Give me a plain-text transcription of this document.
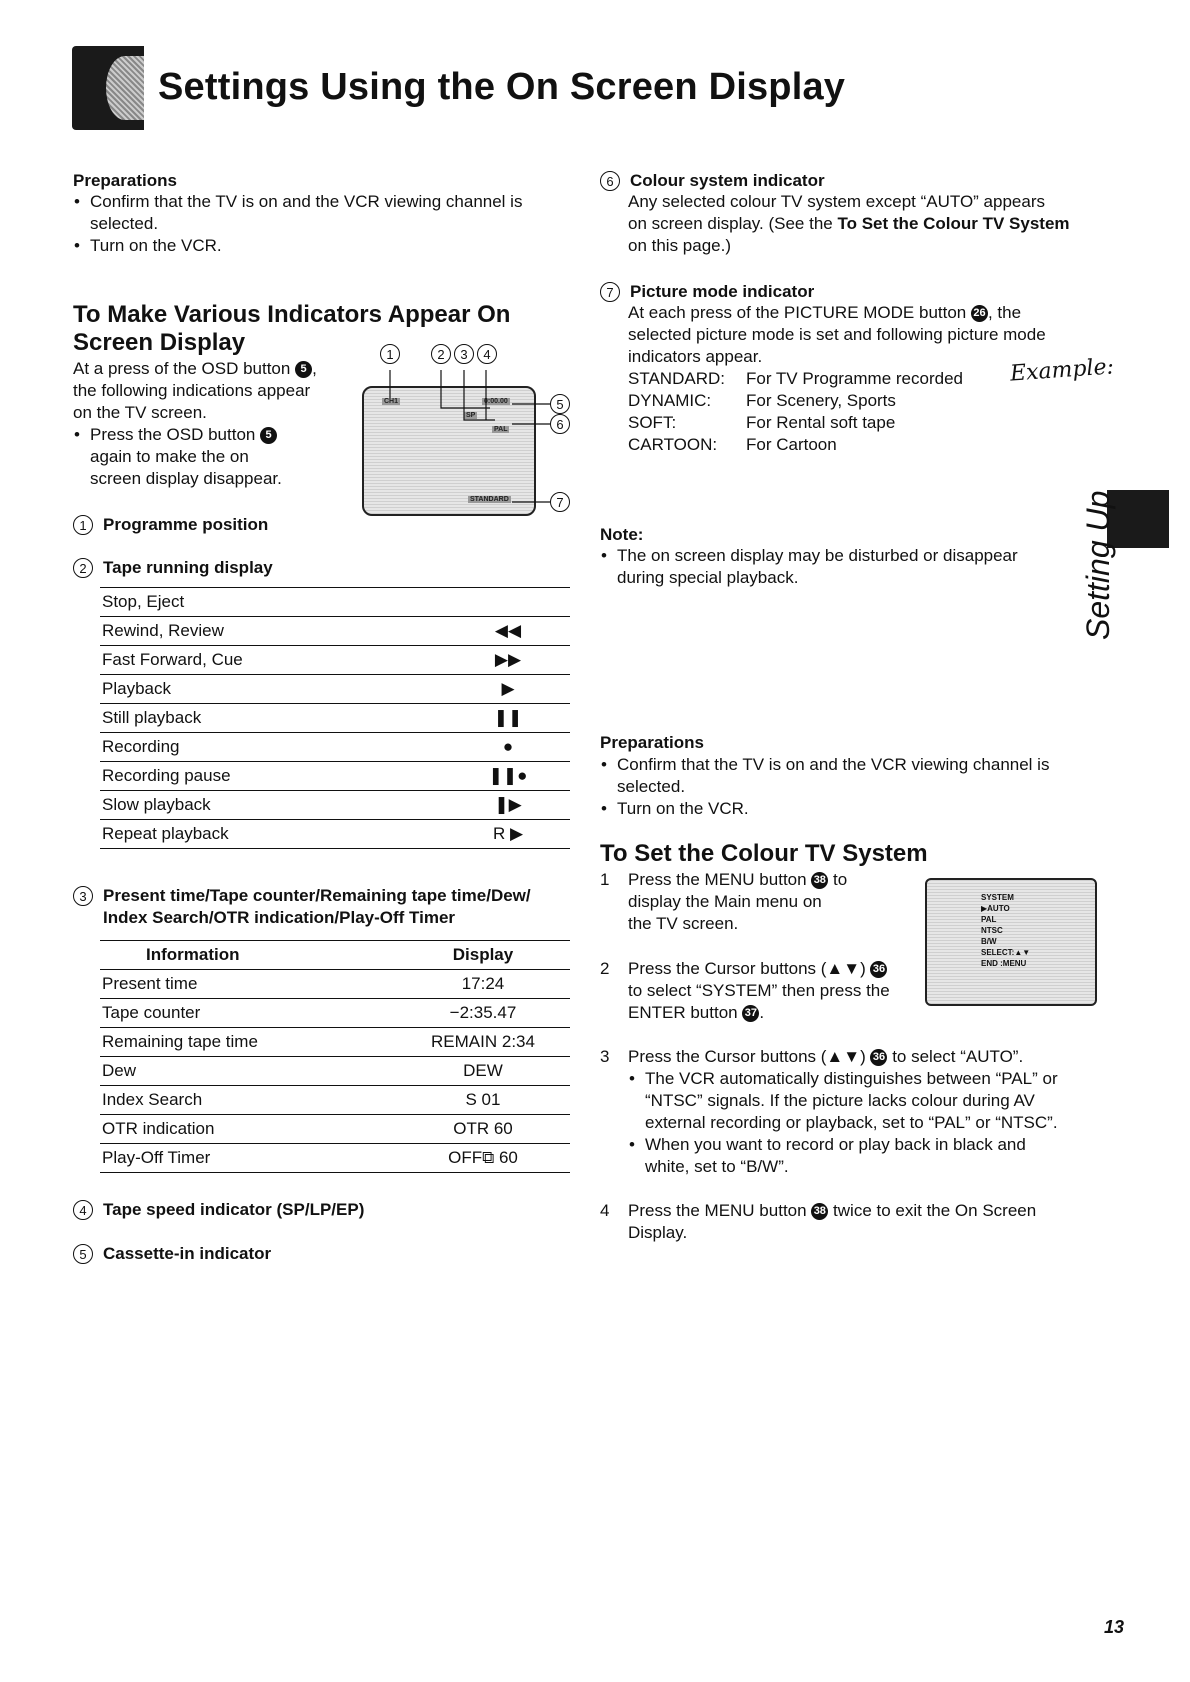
Settings Using the On Screen Display
Preparations
• Confirm that the TV is on and the VCR viewing channel is
selected.
• Turn on the VCR.
To Make Various Indicators Appear On
Screen Display
At a press of the OSD button 5 ,
the following indications appear
on the TV screen.
• Press the OSD button 5
again to make the on
screen display disappear.
CH1	0:00.00
SP
PAL
STANDARD
1	2	3	4
5
6
7
1 Programme position
2 Tape running display
Stop, Eject	
Rewind, Review	◀◀
Fast Forward, Cue	▶▶
Playback	▶
Still playback	❚❚
Recording	●
Recording pause	❚❚●
Slow playback	❚▶
Repeat playback	R ▶
3 Present time/Tape counter/Remaining tape time/Dew/
Index Search/OTR indication/Play-Off Timer
Information	Display
Present time	17:24
Tape counter	−2:35.47
Remaining tape time	REMAIN 2:34
Dew	DEW
Index Search	S 01
OTR indication	OTR 60
Play-Off Timer	OFF⧉ 60
4 Tape speed indicator (SP/LP/EP)
5 Cassette-in indicator
6 Colour system indicator
Any selected colour TV system except “AUTO” appears
on screen display. (See the To Set the Colour TV System
on this page.)
7 Picture mode indicator
At each press of the PICTURE MODE button 26 , the
selected picture mode is set and following picture mode
indicators appear.
STANDARD:	For TV Programme recorded
DYNAMIC:	For Scenery, Sports
SOFT:	For Rental soft tape
CARTOON:	For Cartoon
Example:
Note:
• The on screen display may be disturbed or disappear
during special playback.	Setting Up
Preparations
• Confirm that the TV is on and the VCR viewing channel is
selected.
• Turn on the VCR.
To Set the Colour TV System
1 Press the MENU button 38 to
display the Main menu on
the TV screen.
2 Press the Cursor buttons (▲▼) 36
to select “SYSTEM” then press the
ENTER button 37 .
SYSTEM
▶AUTO
PAL
NTSC
B/W
SELECT:▲▼
END :MENU
3 Press the Cursor buttons (▲▼) 36 to select “AUTO”.
• The VCR automatically distinguishes between “PAL” or
“NTSC” signals. If the picture lacks colour during AV
external recording or playback, set to “PAL” or “NTSC”.
• When you want to record or play back in black and
white, set to “B/W”.
4 Press the MENU button 38 twice to exit the On Screen
Display.
13
